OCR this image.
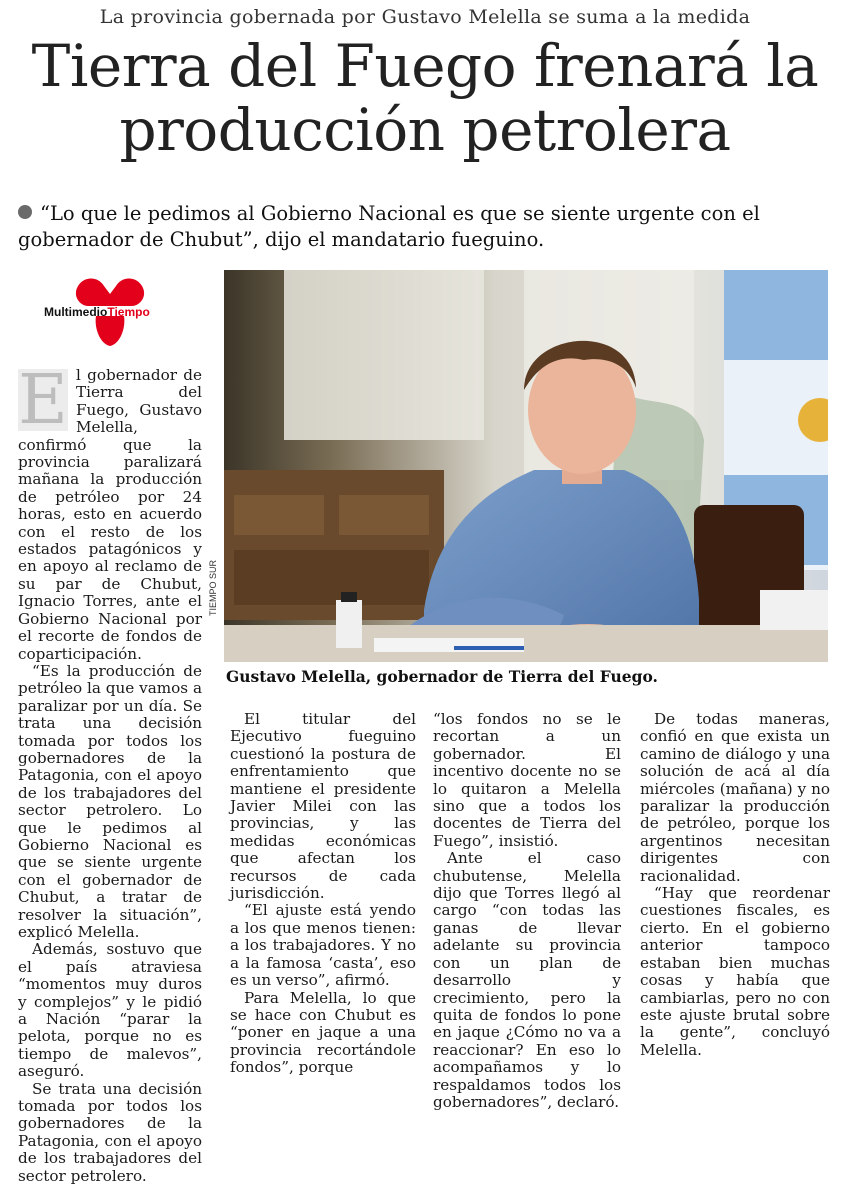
La provincia gobernada por Gustavo Melella se suma a la medida
Tierra del Fuego frenará la
producción petrolera
“Lo que le pedimos al Gobierno Nacional es que se siente urgente con el gobernador de Chubut”, dijo el mandatario fueguino.
MultimedioTiempo
TIEMPO SUR
Gustavo Melella, gobernador de Tierra del Fuego.
E l gobernador de Tierra del Fuego, Gustavo Melella, confirmó que la provincia paralizará mañana la producción de petróleo por 24 horas, esto en acuerdo con el resto de los estados patagónicos y en apoyo al reclamo de su par de Chubut, Ignacio Torres, ante el Gobierno Nacional por el recorte de fondos de coparticipación.

“Es la producción de petróleo la que vamos a paralizar por un día. Se trata una decisión tomada por todos los gobernadores de la Patagonia, con el apoyo de los trabajadores del sector petrolero. Lo que le pedimos al Gobierno Nacional es que se siente urgente con el gobernador de Chubut, a tratar de resolver la situación”, explicó Melella.

Además, sostuvo que el país atraviesa “momentos muy duros y complejos” y le pidió a Nación “parar la pelota, porque no es tiempo de malevos”, aseguró.

Se trata una decisión tomada por todos los gobernadores de la Patagonia, con el apoyo de los trabajadores del sector petrolero.

El titular del Ejecutivo fueguino cuestionó la postura de enfrentamiento que mantiene el presidente Javier Milei con las provincias, y las medidas económicas que afectan los recursos de cada jurisdicción.

“El ajuste está yendo a los que menos tienen: a los trabajadores. Y no a la famosa ‘casta’, eso es un verso”, afirmó.

Para Melella, lo que se hace con Chubut es “poner en jaque a una provincia recortándole fondos”, porque

“los fondos no se le recortan a un gobernador. El incentivo docente no se lo quitaron a Melella sino que a todos los docentes de Tierra del Fuego”, insistió.

Ante el caso chubutense, Melella dijo que Torres llegó al cargo “con todas las ganas de llevar adelante su provincia con un plan de desarrollo y crecimiento, pero la quita de fondos lo pone en jaque ¿Cómo no va a reaccionar? En eso lo acompañamos y lo respaldamos todos los gobernadores”, declaró.

De todas maneras, confió en que exista un camino de diálogo y una solución de acá al día miércoles (mañana) y no paralizar la producción de petróleo, porque los argentinos necesitan dirigentes con racionalidad.

“Hay que reordenar cuestiones fiscales, es cierto. En el gobierno anterior tampoco estaban bien muchas cosas y había que cambiarlas, pero no con este ajuste brutal sobre la gente”, concluyó Melella.
